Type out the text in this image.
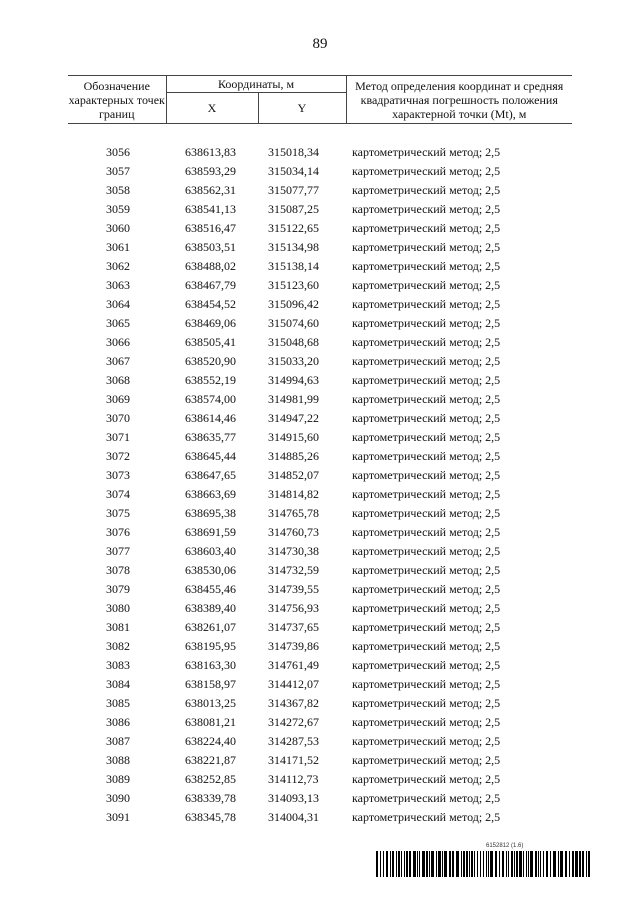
89
Обозначение характерных точек границ	Координаты, м		Метод определения координат и средняя квадратичная погрешность положения характерной точки (Mt), м
	X	Y	

3056	638613,83	315018,34	картометрический метод; 2,5
3057	638593,29	315034,14	картометрический метод; 2,5
3058	638562,31	315077,77	картометрический метод; 2,5
3059	638541,13	315087,25	картометрический метод; 2,5
3060	638516,47	315122,65	картометрический метод; 2,5
3061	638503,51	315134,98	картометрический метод; 2,5
3062	638488,02	315138,14	картометрический метод; 2,5
3063	638467,79	315123,60	картометрический метод; 2,5
3064	638454,52	315096,42	картометрический метод; 2,5
3065	638469,06	315074,60	картометрический метод; 2,5
3066	638505,41	315048,68	картометрический метод; 2,5
3067	638520,90	315033,20	картометрический метод; 2,5
3068	638552,19	314994,63	картометрический метод; 2,5
3069	638574,00	314981,99	картометрический метод; 2,5
3070	638614,46	314947,22	картометрический метод; 2,5
3071	638635,77	314915,60	картометрический метод; 2,5
3072	638645,44	314885,26	картометрический метод; 2,5
3073	638647,65	314852,07	картометрический метод; 2,5
3074	638663,69	314814,82	картометрический метод; 2,5
3075	638695,38	314765,78	картометрический метод; 2,5
3076	638691,59	314760,73	картометрический метод; 2,5
3077	638603,40	314730,38	картометрический метод; 2,5
3078	638530,06	314732,59	картометрический метод; 2,5
3079	638455,46	314739,55	картометрический метод; 2,5
3080	638389,40	314756,93	картометрический метод; 2,5
3081	638261,07	314737,65	картометрический метод; 2,5
3082	638195,95	314739,86	картометрический метод; 2,5
3083	638163,30	314761,49	картометрический метод; 2,5
3084	638158,97	314412,07	картометрический метод; 2,5
3085	638013,25	314367,82	картометрический метод; 2,5
3086	638081,21	314272,67	картометрический метод; 2,5
3087	638224,40	314287,53	картометрический метод; 2,5
3088	638221,87	314171,52	картометрический метод; 2,5
3089	638252,85	314112,73	картометрический метод; 2,5
3090	638339,78	314093,13	картометрический метод; 2,5
3091	638345,78	314004,31	картометрический метод; 2,5
6152812 (1.6)
